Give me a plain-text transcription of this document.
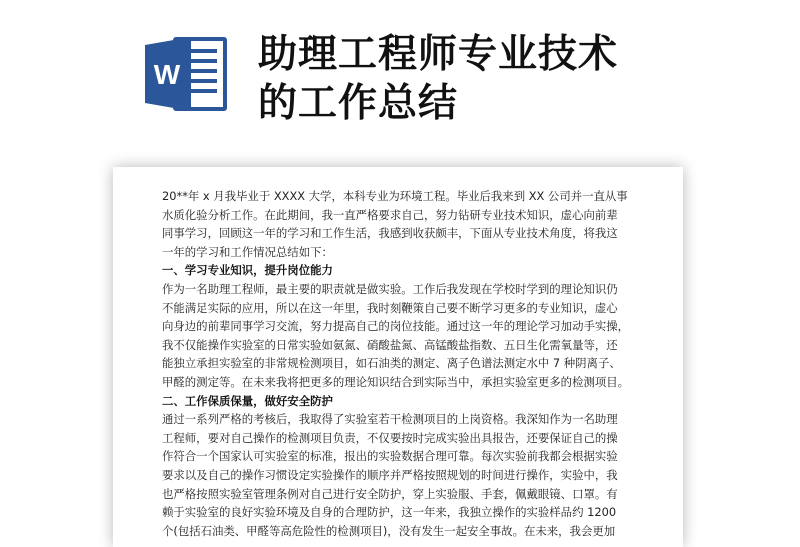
W 助理工程师专业技术
的工作总结
20**年 x 月我毕业于 XXXX 大学，本科专业为环境工程。毕业后我来到 XX 公司并一直从事
水质化验分析工作。在此期间，我一直严格要求自己，努力钻研专业技术知识，虚心向前辈
同事学习，回顾这一年的学习和工作生活，我感到收获颇丰，下面从专业技术角度，将我这
一年的学习和工作情况总结如下：
一、学习专业知识，提升岗位能力
作为一名助理工程师，最主要的职责就是做实验。工作后我发现在学校时学到的理论知识仍
不能满足实际的应用，所以在这一年里，我时刻鞭策自己要不断学习更多的专业知识，虚心
向身边的前辈同事学习交流，努力提高自己的岗位技能。通过这一年的理论学习加动手实操，
我不仅能操作实验室的日常实验如氨氮、硝酸盐氮、高锰酸盐指数、五日生化需氧量等，还
能独立承担实验室的非常规检测项目，如石油类的测定、离子色谱法测定水中 7 种阴离子、
甲醛的测定等。在未来我将把更多的理论知识结合到实际当中，承担实验室更多的检测项目。
二、工作保质保量，做好安全防护
通过一系列严格的考核后，我取得了实验室若干检测项目的上岗资格。我深知作为一名助理
工程师，要对自己操作的检测项目负责，不仅要按时完成实验出具报告，还要保证自己的操
作符合一个国家认可实验室的标准，报出的实验数据合理可靠。每次实验前我都会根据实验
要求以及自己的操作习惯设定实验操作的顺序并严格按照规划的时间进行操作，实验中，我
也严格按照实验室管理条例对自己进行安全防护，穿上实验服、手套，佩戴眼镜、口罩。有
赖于实验室的良好实验环境及自身的合理防护，这一年来，我独立操作的实验样品约 1200
个(包括石油类、甲醛等高危险性的检测项目)，没有发生一起安全事故。在未来，我会更加
